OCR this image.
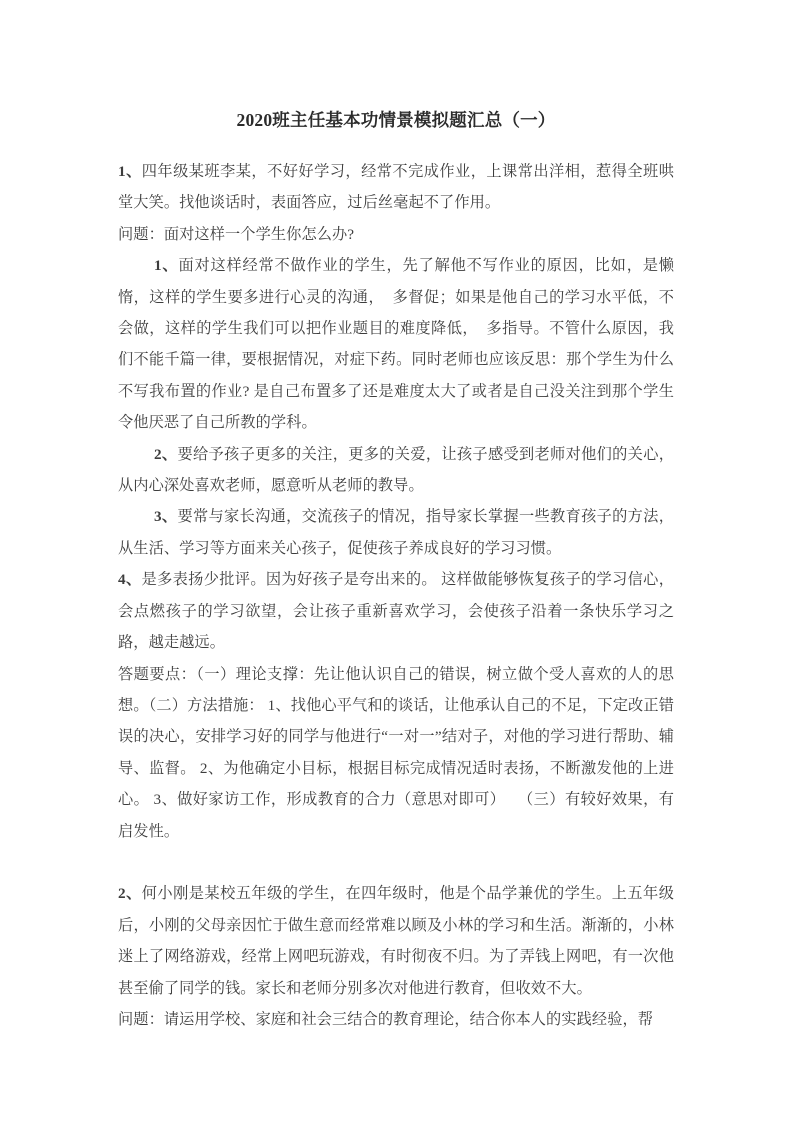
2020班主任基本功情景模拟题汇总（一）

1、四年级某班李某，不好好学习，经常不完成作业，上课常出洋相，惹得全班哄堂大笑。找他谈话时，表面答应，过后丝毫起不了作用。

问题：面对这样一个学生你怎么办?

1、面对这样经常不做作业的学生，先了解他不写作业的原因，比如，是懒惰，这样的学生要多进行心灵的沟通，  多督促；如果是他自己的学习水平低，不会做，这样的学生我们可以把作业题目的难度降低，  多指导。不管什么原因，我们不能千篇一律，要根据情况，对症下药。同时老师也应该反思：那个学生为什么不写我布置的作业? 是自己布置多了还是难度太大了或者是自己没关注到那个学生令他厌恶了自己所教的学科。

2、要给予孩子更多的关注，更多的关爱，让孩子感受到老师对他们的关心，从内心深处喜欢老师，愿意听从老师的教导。

3、要常与家长沟通，交流孩子的情况，指导家长掌握一些教育孩子的方法，从生活、学习等方面来关心孩子，促使孩子养成良好的学习习惯。

4、是多表扬少批评。因为好孩子是夸出来的。 这样做能够恢复孩子的学习信心，会点燃孩子的学习欲望，会让孩子重新喜欢学习，会使孩子沿着一条快乐学习之路，越走越远。

答题要点：（一）理论支撑：先让他认识自己的错误，树立做个受人喜欢的人的思想。（二）方法措施： 1、找他心平气和的谈话，让他承认自己的不足，下定改正错误的决心，安排学习好的同学与他进行“一对一”结对子，对他的学习进行帮助、辅导、监督。 2、为他确定小目标，根据目标完成情况适时表扬，不断激发他的上进心。 3、做好家访工作，形成教育的合力（意思对即可）   （三）有较好效果，有启发性。

2、何小刚是某校五年级的学生，在四年级时，他是个品学兼优的学生。上五年级后，小刚的父母亲因忙于做生意而经常难以顾及小林的学习和生活。渐渐的，小林迷上了网络游戏，经常上网吧玩游戏，有时彻夜不归。为了弄钱上网吧，有一次他甚至偷了同学的钱。家长和老师分别多次对他进行教育，但收效不大。

问题：请运用学校、家庭和社会三结合的教育理论，结合你本人的实践经验，帮
